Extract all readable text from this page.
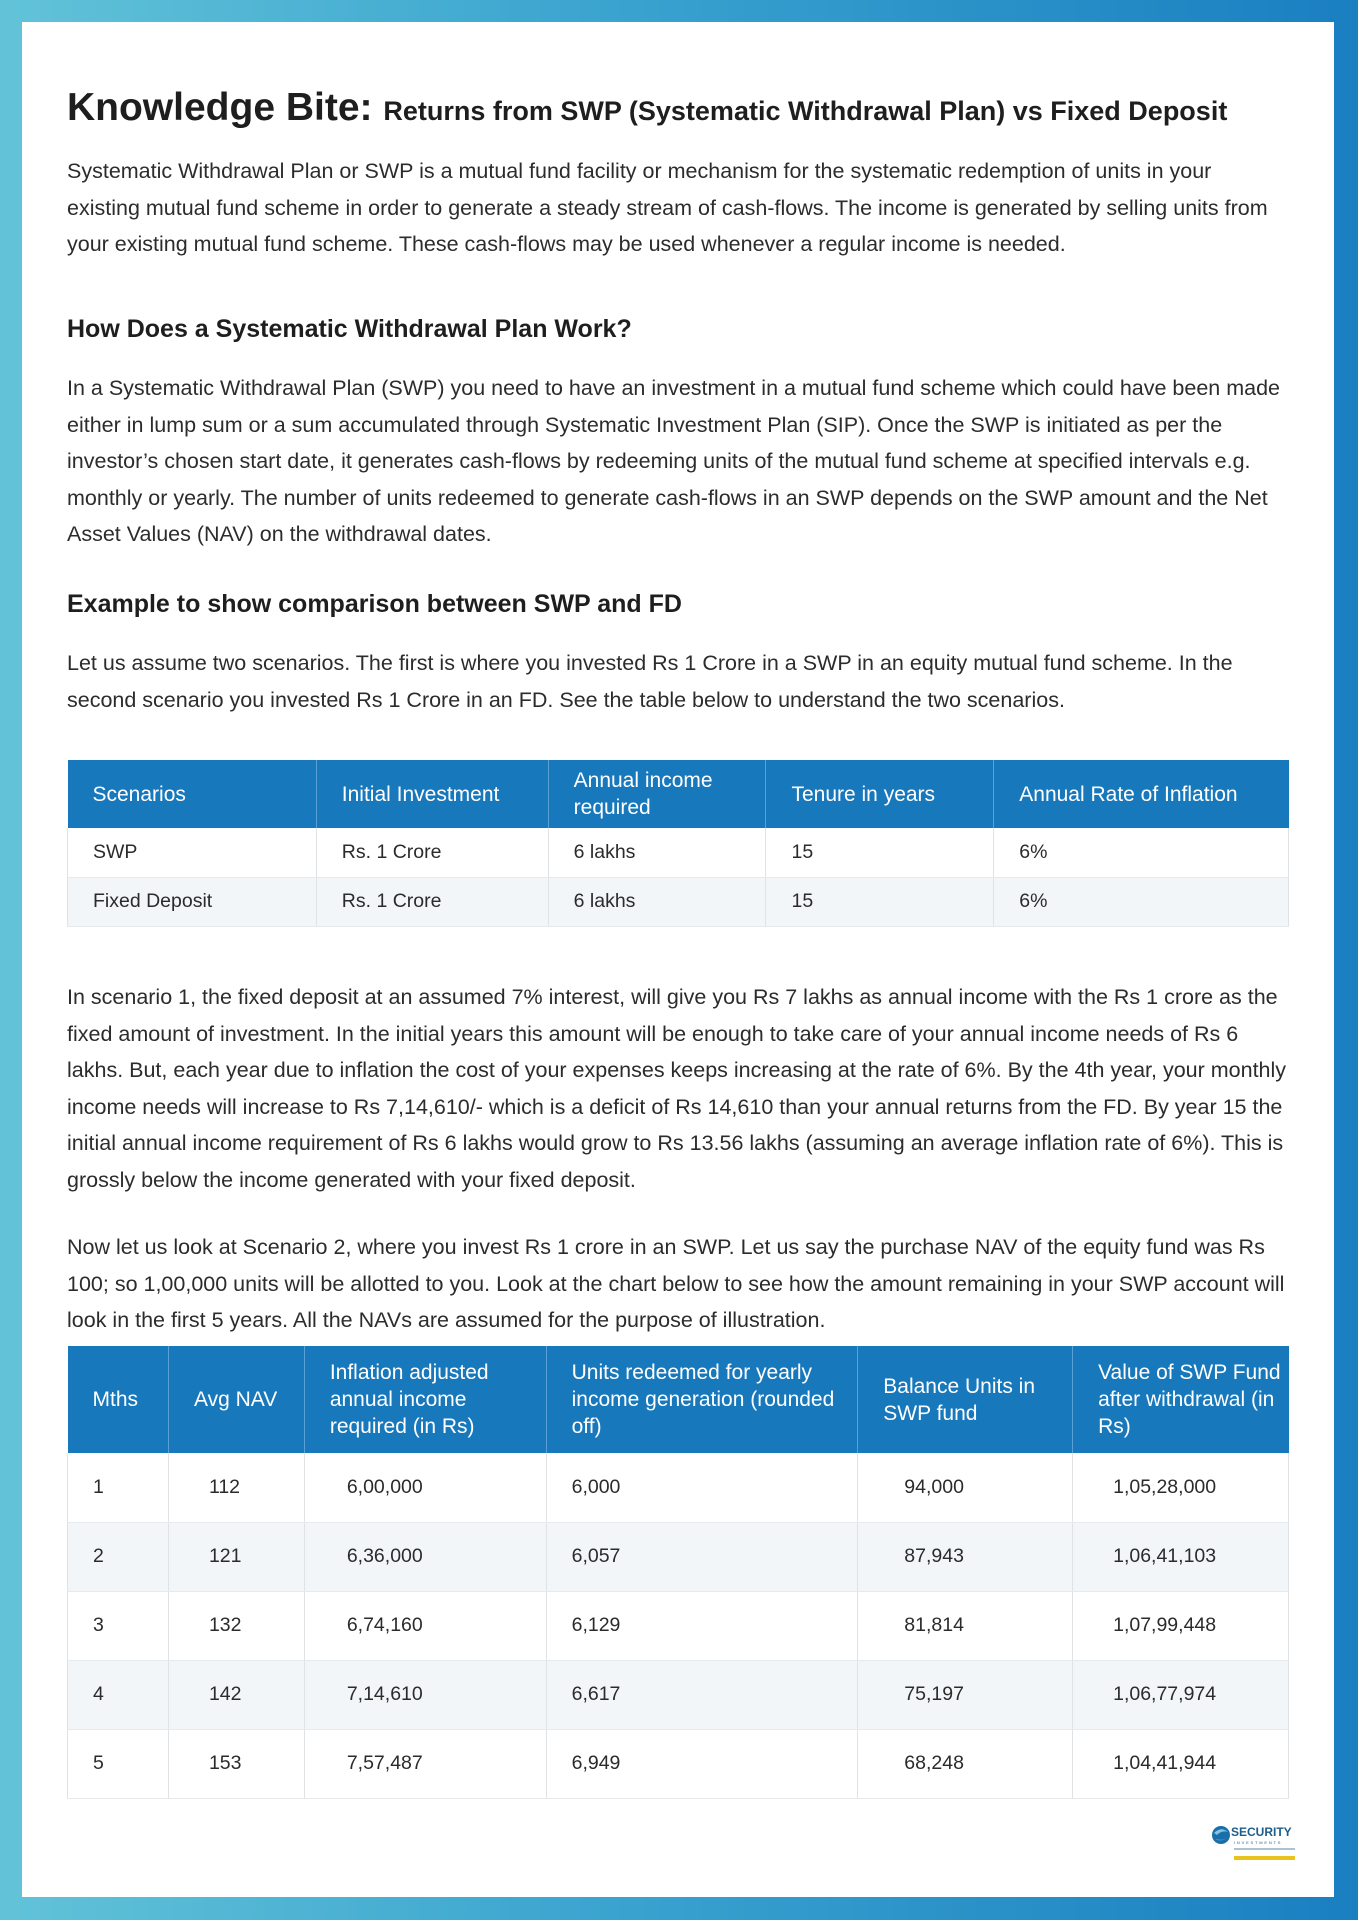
Knowledge Bite: Returns from SWP (Systematic Withdrawal Plan) vs Fixed Deposit

Systematic Withdrawal Plan or SWP is a mutual fund facility or mechanism for the systematic redemption of units in your existing mutual fund scheme in order to generate a steady stream of cash-flows. The income is generated by selling units from your existing mutual fund scheme. These cash-flows may be used whenever a regular income is needed.

How Does a Systematic Withdrawal Plan Work?

In a Systematic Withdrawal Plan (SWP) you need to have an investment in a mutual fund scheme which could have been made either in lump sum or a sum accumulated through Systematic Investment Plan (SIP). Once the SWP is initiated as per the investor’s chosen start date, it generates cash-flows by redeeming units of the mutual fund scheme at specified intervals e.g. monthly or yearly. The number of units redeemed to generate cash-flows in an SWP depends on the SWP amount and the Net Asset Values (NAV) on the withdrawal dates.

Example to show comparison between SWP and FD

Let us assume two scenarios. The first is where you invested Rs 1 Crore in a SWP in an equity mutual fund scheme. In the second scenario you invested Rs 1 Crore in an FD. See the table below to understand the two scenarios.

Scenarios	Initial Investment	Annual income required	Tenure in years	Annual Rate of Inflation
SWP	Rs. 1 Crore	6 lakhs	15	6%
Fixed Deposit	Rs. 1 Crore	6 lakhs	15	6%

In scenario 1, the fixed deposit at an assumed 7% interest, will give you Rs 7 lakhs as annual income with the Rs 1 crore as the fixed amount of investment. In the initial years this amount will be enough to take care of your annual income needs of Rs 6 lakhs. But, each year due to inflation the cost of your expenses keeps increasing at the rate of 6%. By the 4th year, your monthly income needs will increase to Rs 7,14,610/- which is a deficit of Rs 14,610 than your annual returns from the FD. By year 15 the initial annual income requirement of Rs 6 lakhs would grow to Rs 13.56 lakhs (assuming an average inflation rate of 6%). This is grossly below the income generated with your fixed deposit.

Now let us look at Scenario 2, where you invest Rs 1 crore in an SWP. Let us say the purchase NAV of the equity fund was Rs 100; so 1,00,000 units will be allotted to you. Look at the chart below to see how the amount remaining in your SWP account will look in the first 5 years. All the NAVs are assumed for the purpose of illustration.

Mths	Avg NAV	Inflation adjusted annual income required (in Rs)	Units redeemed for yearly income generation (rounded off)	Balance Units in SWP fund	Value of SWP Fund after withdrawal (in Rs)
1	112	6,00,000	6,000	94,000	1,05,28,000
2	121	6,36,000	6,057	87,943	1,06,41,103
3	132	6,74,160	6,129	81,814	1,07,99,448
4	142	7,14,610	6,617	75,197	1,06,77,974
5	153	7,57,487	6,949	68,248	1,04,41,944
SECURITY
INVESTMENTS
